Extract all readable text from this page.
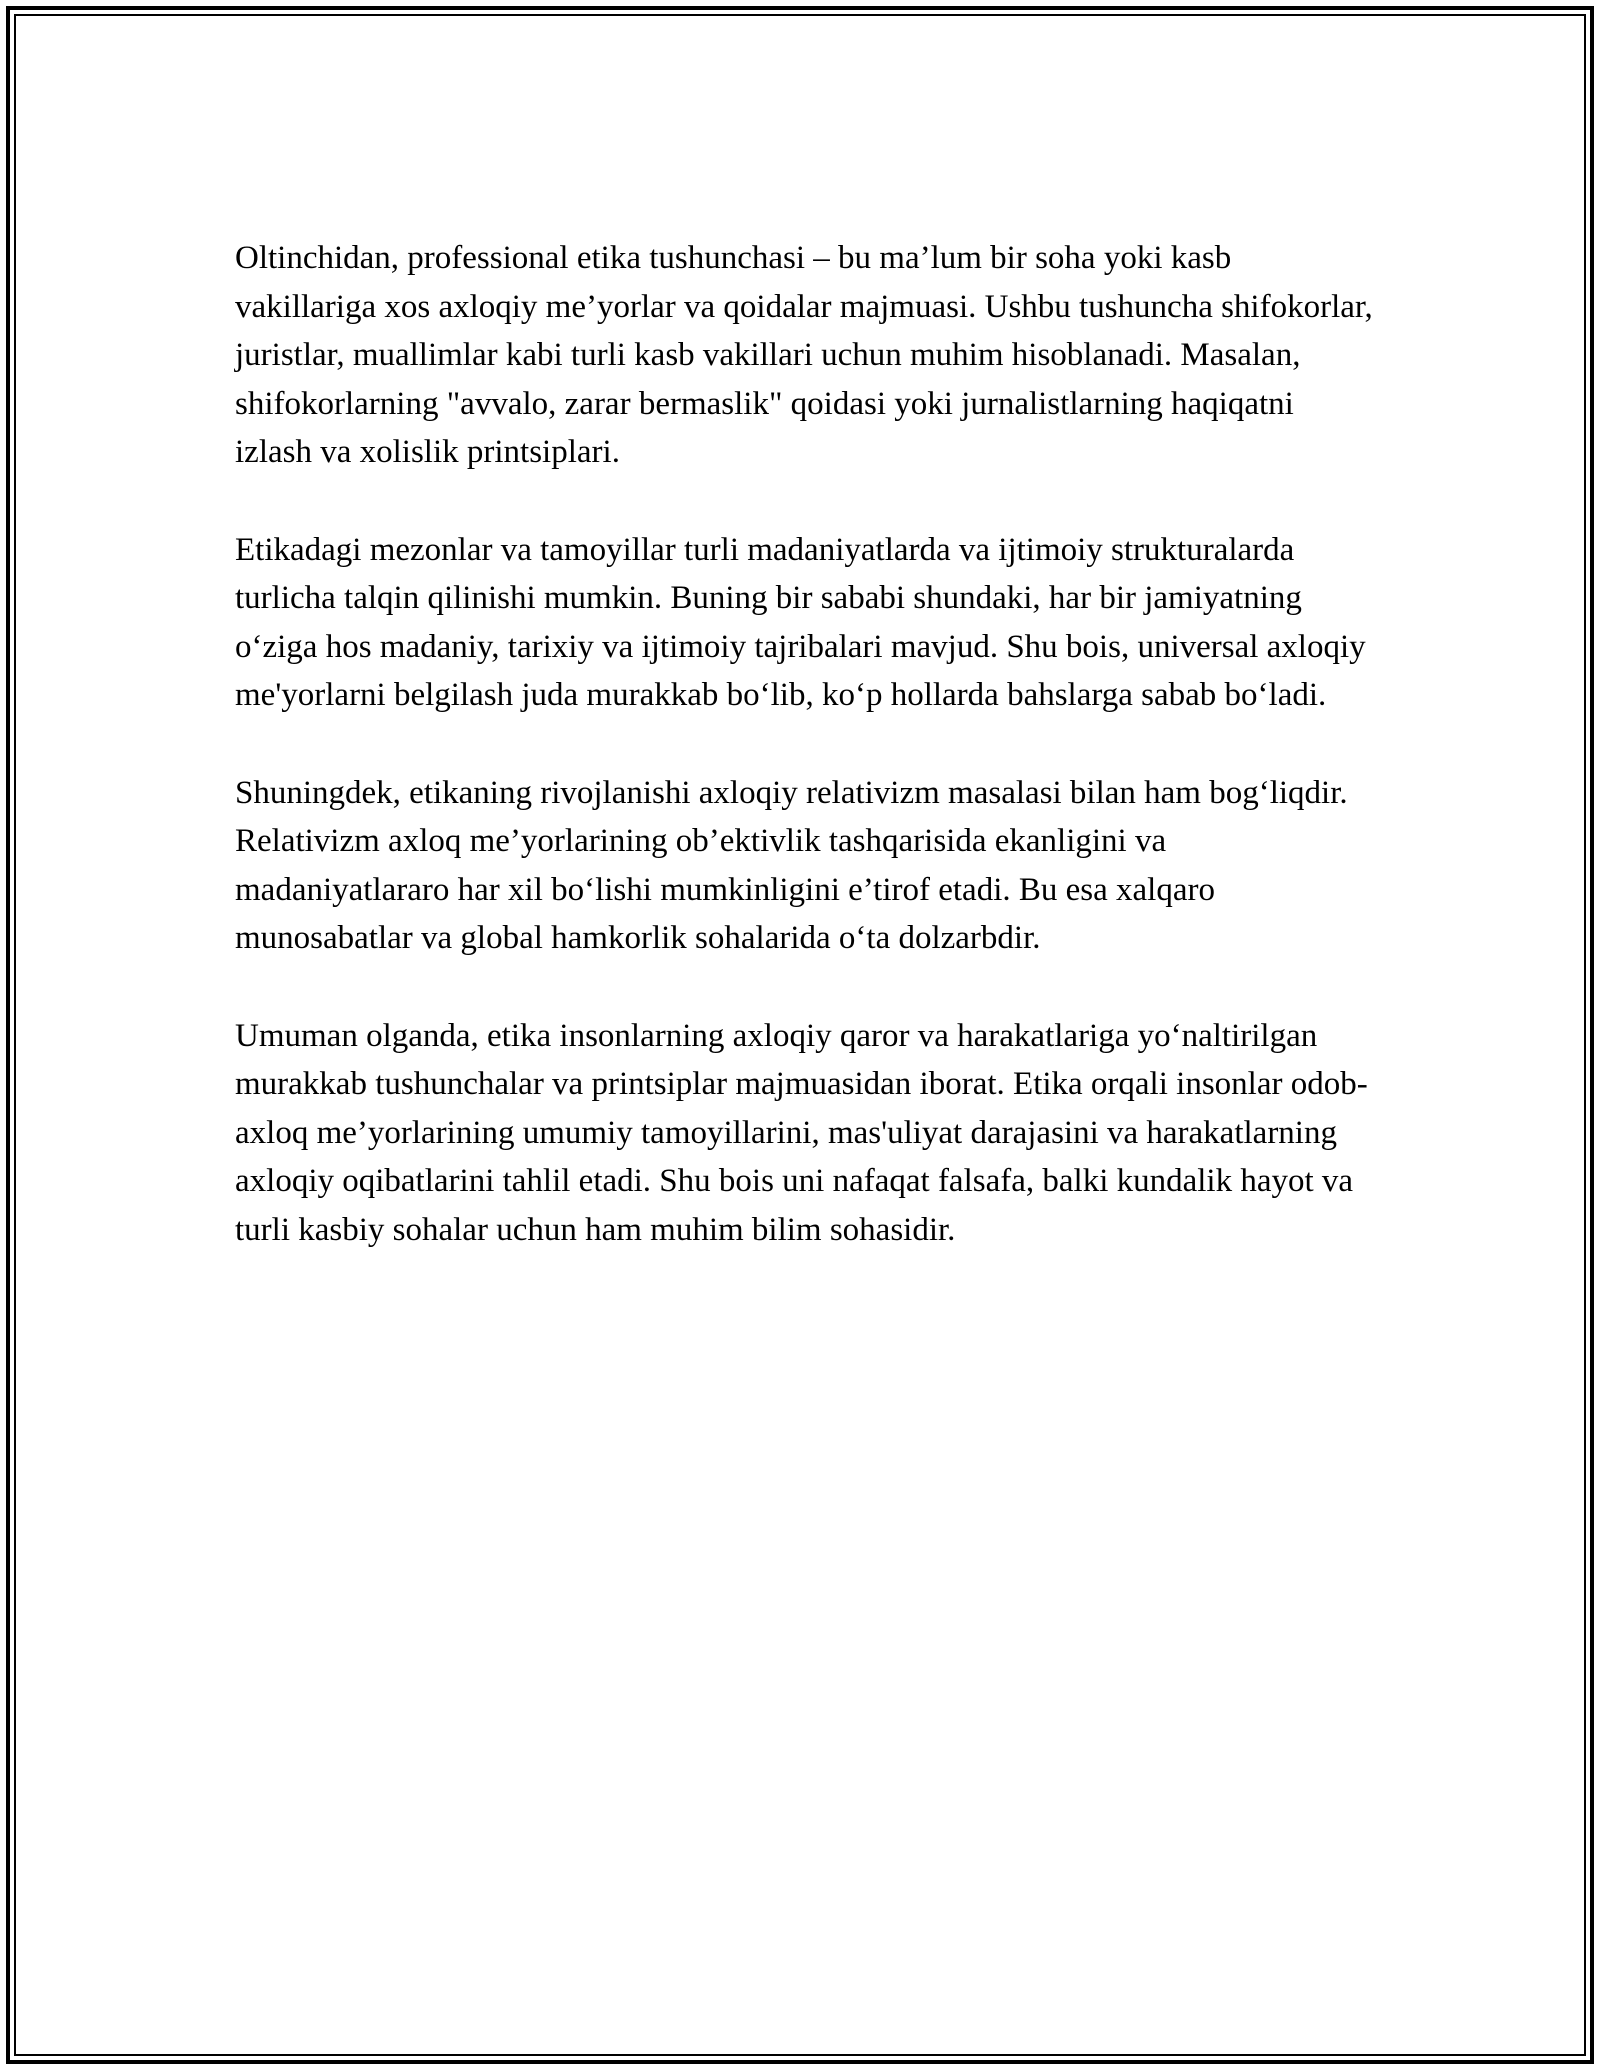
Oltinchidan, professional etika tushunchasi – bu ma’lum bir soha yoki kasb vakillariga xos axloqiy me’yorlar va qoidalar majmuasi. Ushbu tushuncha shifokorlar, juristlar, muallimlar kabi turli kasb vakillari uchun muhim hisoblanadi. Masalan, shifokorlarning "avvalo, zarar bermaslik" qoidasi yoki jurnalistlarning haqiqatni izlash va xolislik printsiplari.

Etikadagi mezonlar va tamoyillar turli madaniyatlarda va ijtimoiy strukturalarda turlicha talqin qilinishi mumkin. Buning bir sababi shundaki, har bir jamiyatning o‘ziga hos madaniy, tarixiy va ijtimoiy tajribalari mavjud. Shu bois, universal axloqiy me'yorlarni belgilash juda murakkab bo‘lib, ko‘p hollarda bahslarga sabab bo‘ladi.

Shuningdek, etikaning rivojlanishi axloqiy relativizm masalasi bilan ham bog‘liqdir. Relativizm axloq me’yorlarining ob’ektivlik tashqarisida ekanligini va madaniyatlararo har xil bo‘lishi mumkinligini e’tirof etadi. Bu esa xalqaro munosabatlar va global hamkorlik sohalarida o‘ta dolzarbdir.

Umuman olganda, etika insonlarning axloqiy qaror va harakatlariga yo‘naltirilgan murakkab tushunchalar va printsiplar majmuasidan iborat. Etika orqali insonlar odob-axloq me’yorlarining umumiy tamoyillarini, mas'uliyat darajasini va harakatlarning axloqiy oqibatlarini tahlil etadi. Shu bois uni nafaqat falsafa, balki kundalik hayot va turli kasbiy sohalar uchun ham muhim bilim sohasidir.
